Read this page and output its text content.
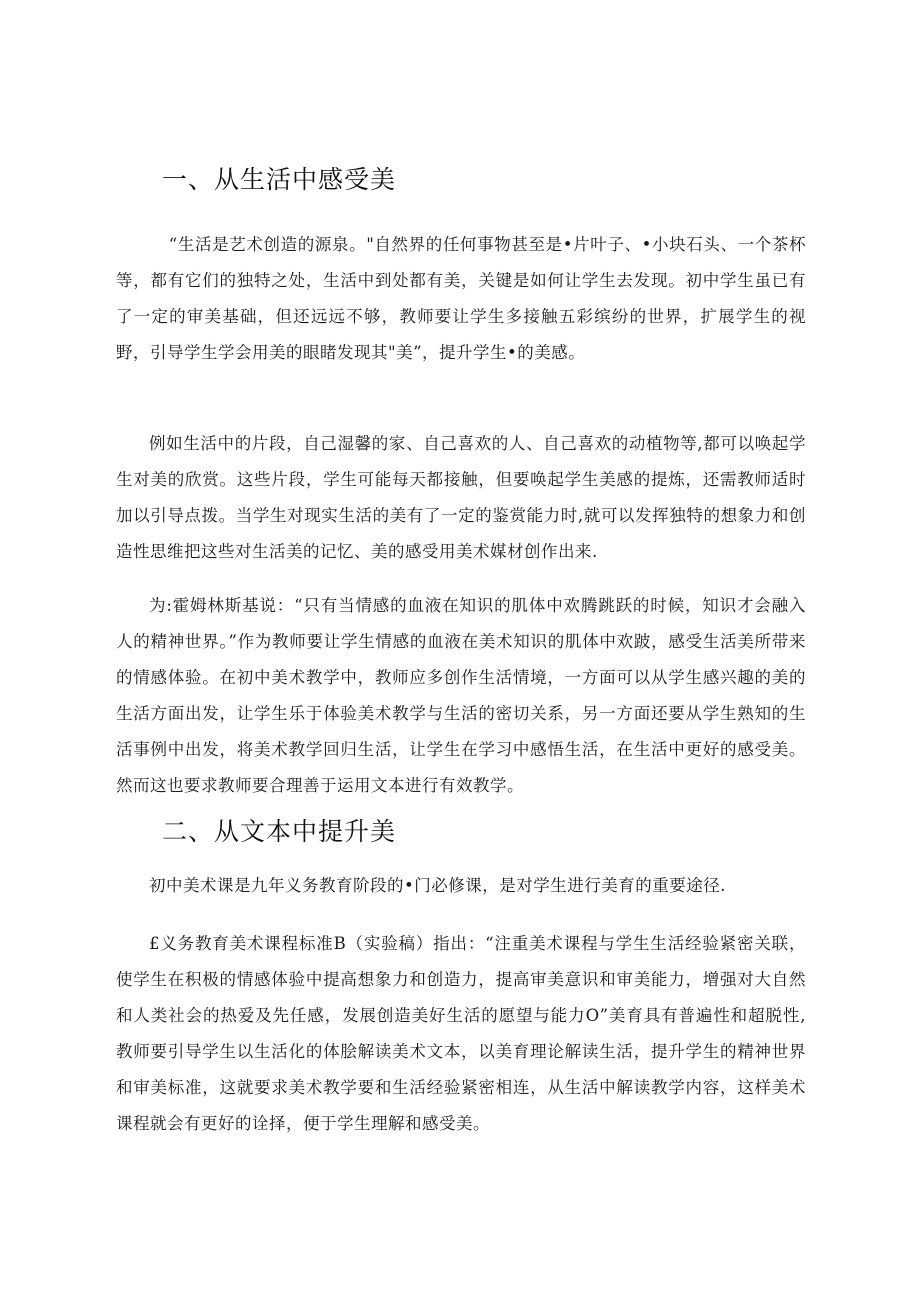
一、从生活中感受美

“生活是艺术创造的源泉。"自然界的任何事物甚至是•片叶子、•小块石头、一个茶杯等，都有它们的独特之处，生活中到处都有美，关键是如何让学生去发现。初中学生虽已有了一定的审美基础，但还远远不够，教师要让学生多接触五彩缤纷的世界，扩展学生的视野，引导学生学会用美的眼睹发现其"美”，提升学生•的美感。

例如生活中的片段，自己湿馨的家、自己喜欢的人、自己喜欢的动植物等,都可以唤起学生对美的欣赏。这些片段，学生可能每天都接触，但要唤起学生美感的提炼，还需教师适时加以引导点拨。当学生对现实生活的美有了一定的鉴赏能力时,就可以发挥独特的想象力和创造性思维把这些对生活美的记忆、美的感受用美术媒材创作出来.

为:霍姆林斯基说：“只有当情感的血液在知识的肌体中欢腾跳跃的时候，知识才会融入人的精神世界。”作为教师要让学生情感的血液在美术知识的肌体中欢跛，感受生活美所带来的情感体验。在初中美术教学中，教师应多创作生活情境，一方面可以从学生感兴趣的美的生活方面出发，让学生乐于体验美术教学与生活的密切关系，另一方面还要从学生熟知的生活事例中出发，将美术教学回归生活，让学生在学习中感悟生活，在生活中更好的感受美。然而这也要求教师要合理善于运用文本进行有效教学。

二、从文本中提升美

初中美术课是九年义务教育阶段的•门必修课，是对学生进行美育的重要途径.

£义务教育美术课程标准B（实验稿）指出：“注重美术课程与学生生活经验紧密关联，使学生在积极的情感体验中提高想象力和创造力，提高审美意识和审美能力，增强对大自然和人类社会的热爱及先任感，发展创造美好生活的愿望与能力O”美育具有普遍性和超脱性,教师要引导学生以生活化的体脍解读美术文本，以美育理论解读生活，提升学生的精神世界和审美标准，这就要求美术教学要和生活经验紧密相连，从生活中解读教学内容，这样美术课程就会有更好的诠择，便于学生理解和感受美。
